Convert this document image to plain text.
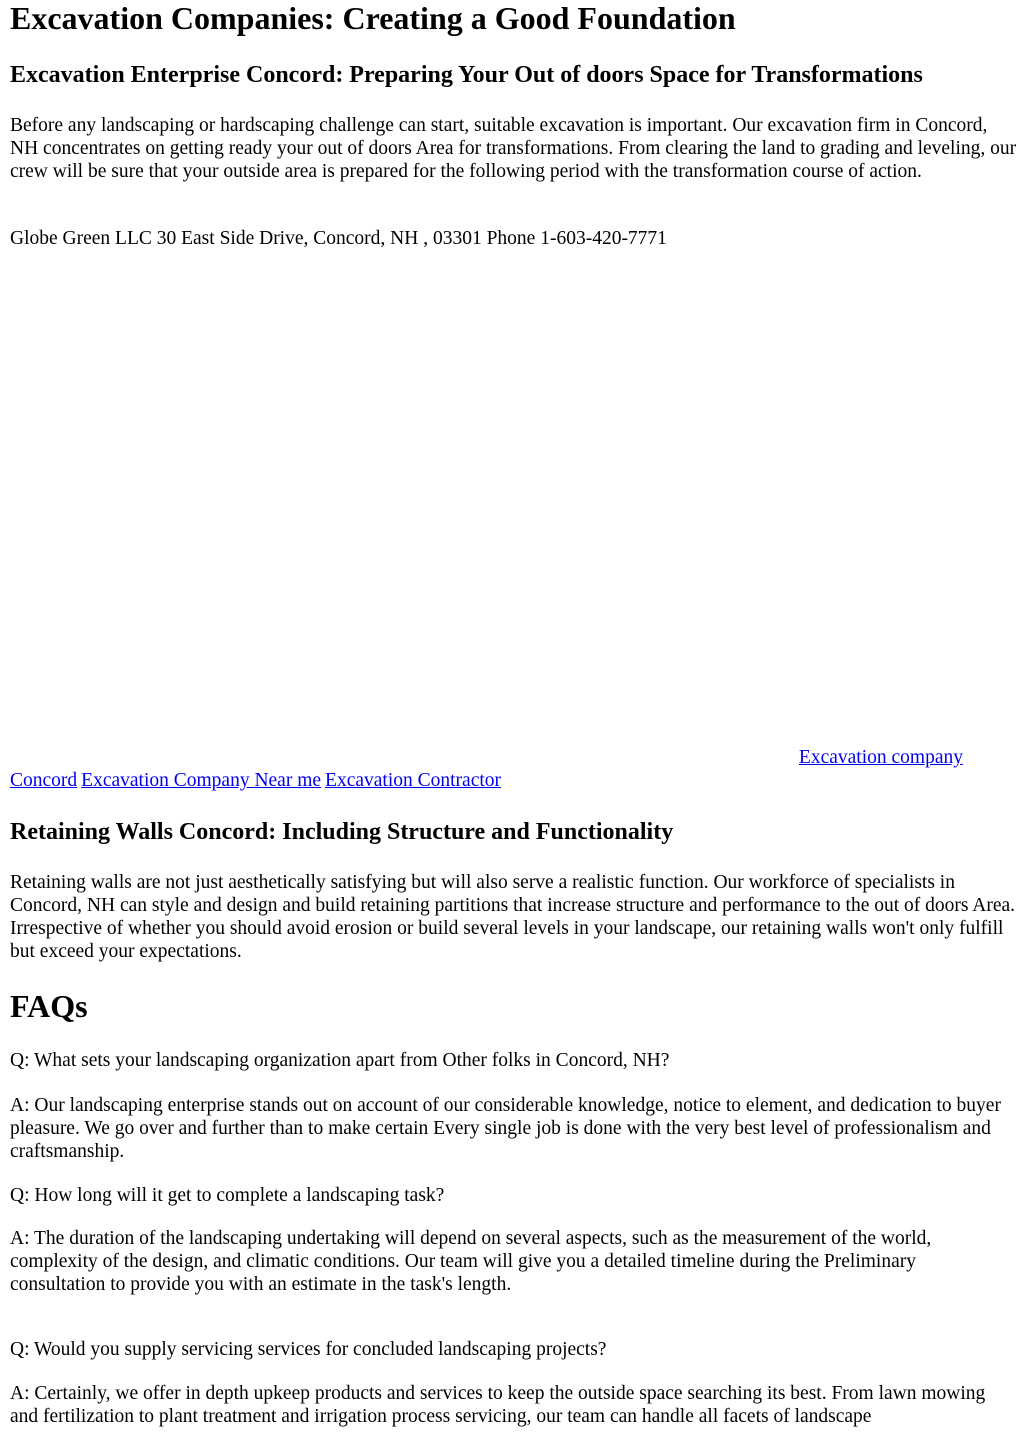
Excavation Companies: Creating a Good Foundation
Excavation Enterprise Concord: Preparing Your Out of doors Space for Transformations

Before any landscaping or hardscaping challenge can start, suitable excavation is important. Our excavation firm in Concord, NH concentrates on getting ready your out of doors Area for transformations. From clearing the land to grading and leveling, our crew will be sure that your outside area is prepared for the following period with the transformation course of action.

Globe Green LLC 30 East Side Drive, Concord, NH , 03301 Phone 1-603-420-7771

Excavation company
Concord Excavation Company Near me Excavation Contractor
Retaining Walls Concord: Including Structure and Functionality

Retaining walls are not just aesthetically satisfying but will also serve a realistic function. Our workforce of specialists in Concord, NH can style and design and build retaining partitions that increase structure and performance to the out of doors Area. Irrespective of whether you should avoid erosion or build several levels in your landscape, our retaining walls won't only fulfill but exceed your expectations.

FAQs

Q: What sets your landscaping organization apart from Other folks in Concord, NH?

A: Our landscaping enterprise stands out on account of our considerable knowledge, notice to element, and dedication to buyer pleasure. We go over and further than to make certain Every single job is done with the very best level of professionalism and craftsmanship.

Q: How long will it get to complete a landscaping task?

A: The duration of the landscaping undertaking will depend on several aspects, such as the measurement of the world, complexity of the design, and climatic conditions. Our team will give you a detailed timeline during the Preliminary consultation to provide you with an estimate in the task's length.

Q: Would you supply servicing services for concluded landscaping projects?

A: Certainly, we offer in depth upkeep products and services to keep the outside space searching its best. From lawn mowing and fertilization to plant treatment and irrigation process servicing, our team can handle all facets of landscape
